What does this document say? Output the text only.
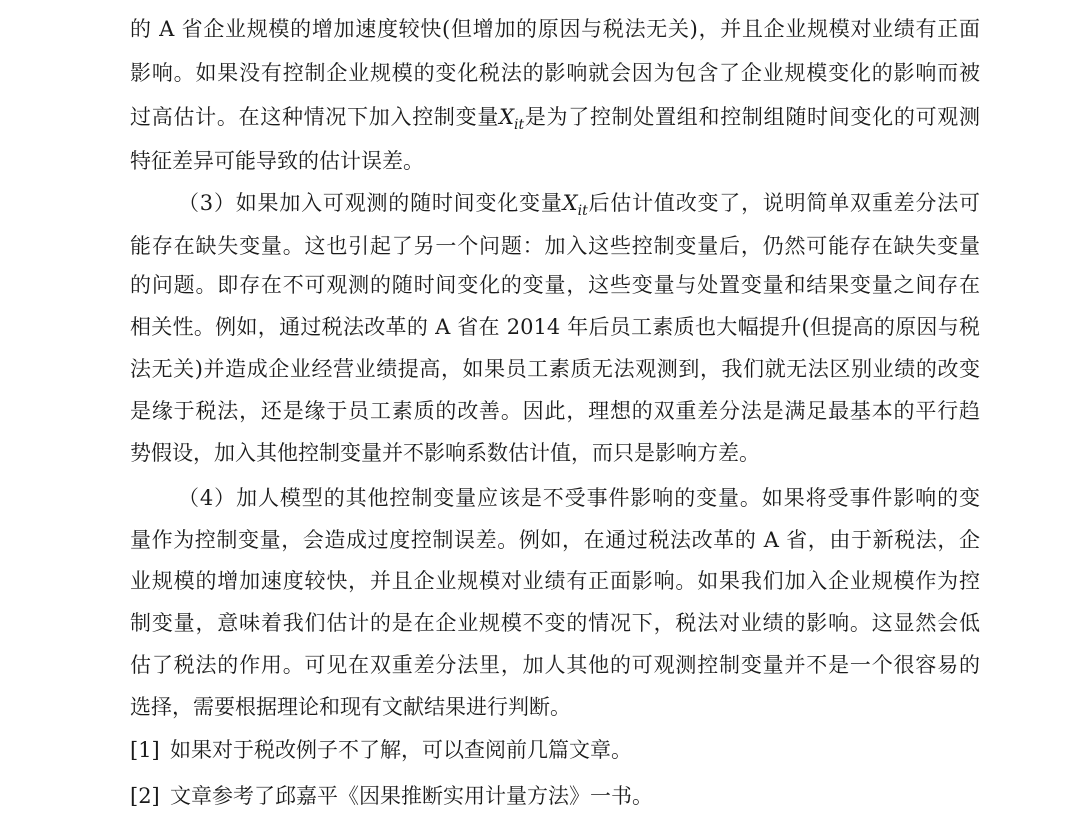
的 A 省企业规模的增加速度较快(但增加的原因与税法无关)，并且企业规模对业绩有正面
影响。如果没有控制企业规模的变化税法的影响就会因为包含了企业规模变化的影响而被
过高估计。在这种情况下加入控制变量$X_{it}$是为了控制处置组和控制组随时间变化的可观测
特征差异可能导致的估计误差。
（3）如果加入可观测的随时间变化变量$X_{it}$后估计值改变了，说明简单双重差分法可
能存在缺失变量。这也引起了另一个问题：加入这些控制变量后，仍然可能存在缺失变量
的问题。即存在不可观测的随时间变化的变量，这些变量与处置变量和结果变量之间存在
相关性。例如，通过税法改革的 A 省在 2014 年后员工素质也大幅提升(但提高的原因与税
法无关)并造成企业经营业绩提高，如果员工素质无法观测到，我们就无法区别业绩的改变
是缘于税法，还是缘于员工素质的改善。因此，理想的双重差分法是满足最基本的平行趋
势假设，加入其他控制变量并不影响系数估计值，而只是影响方差。
（4）加人模型的其他控制变量应该是不受事件影响的变量。如果将受事件影响的变
量作为控制变量，会造成过度控制误差。例如，在通过税法改革的 A 省，由于新税法，企
业规模的增加速度较快，并且企业规模对业绩有正面影响。如果我们加入企业规模作为控
制变量，意味着我们估计的是在企业规模不变的情况下，税法对业绩的影响。这显然会低
估了税法的作用。可见在双重差分法里，加人其他的可观测控制变量并不是一个很容易的
选择，需要根据理论和现有文献结果进行判断。
[1] 如果对于税改例子不了解，可以查阅前几篇文章。
[2] 文章参考了邱嘉平《因果推断实用计量方法》一书。
